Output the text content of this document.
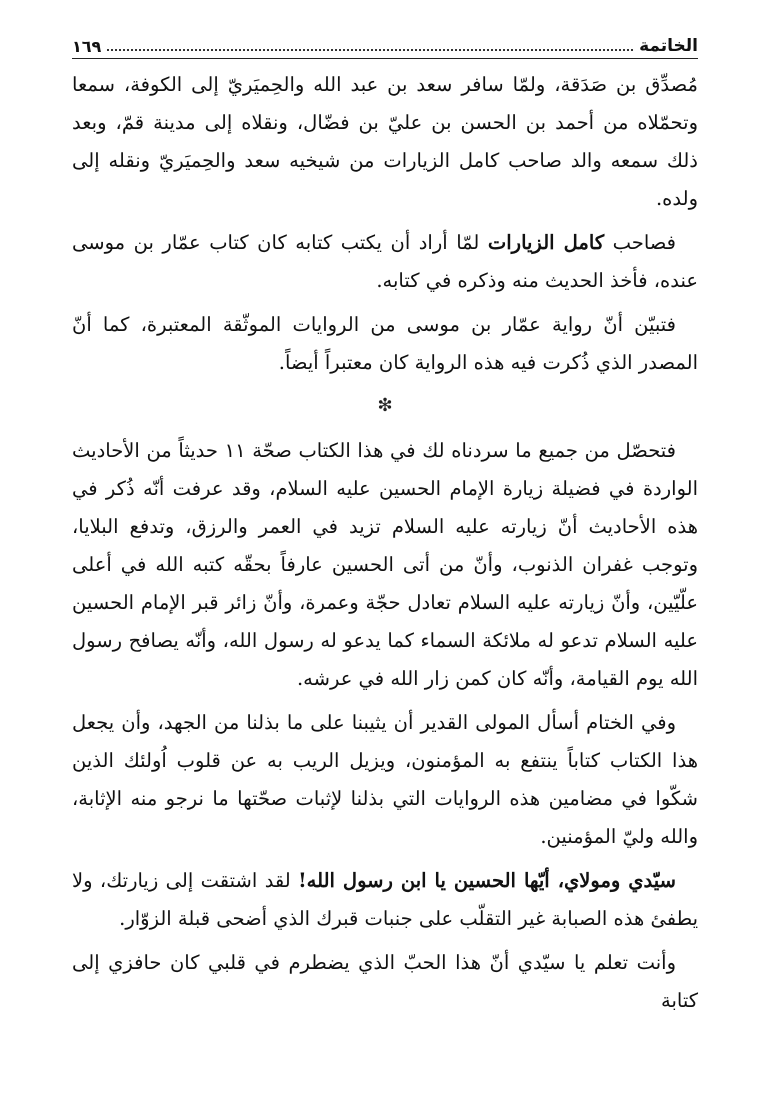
الخاتمة
١٦٩

مُصدِّق بن صَدَقة، ولمّا سافر سعد بن عبد الله والحِميَريّ إلى الكوفة، سمعا وتحمّلاه من أحمد بن الحسن بن عليّ بن فضّال، ونقلاه إلى مدينة قمّ، وبعد ذلك سمعه والد صاحب كامل الزيارات من شيخيه سعد والحِميَريّ ونقله إلى ولده.

فصاحب كامل الزيارات لمّا أراد أن يكتب كتابه كان كتاب عمّار بن موسى عنده، فأخذ الحديث منه وذكره في كتابه.

فتبيّن أنّ رواية عمّار بن موسى من الروايات الموثّقة المعتبرة، كما أنّ المصدر الذي ذُكرت فيه هذه الرواية كان معتبراً أيضاً.

❇

فتحصّل من جميع ما سردناه لك في هذا الكتاب صحّة ١١ حديثاً من الأحاديث الواردة في فضيلة زيارة الإمام الحسين عليه السلام، وقد عرفت أنّه ذُكر في هذه الأحاديث أنّ زيارته عليه السلام تزيد في العمر والرزق، وتدفع البلايا، وتوجب غفران الذنوب، وأنّ من أتى الحسين عارفاً بحقّه كتبه الله في أعلى علّيّين، وأنّ زيارته عليه السلام تعادل حجّة وعمرة، وأنّ زائر قبر الإمام الحسين عليه السلام تدعو له ملائكة السماء كما يدعو له رسول الله، وأنّه يصافح رسول الله يوم القيامة، وأنّه كان كمن زار الله في عرشه.

وفي الختام أسأل المولى القدير أن يثيبنا على ما بذلنا من الجهد، وأن يجعل هذا الكتاب كتاباً ينتفع به المؤمنون، ويزيل الريب به عن قلوب اُولئك الذين شكّوا في مضامين هذه الروايات التي بذلنا لإثبات صحّتها ما نرجو منه الإثابة، والله وليّ المؤمنين.

سيّدي ومولاي، أيّها الحسين يا ابن رسول الله! لقد اشتقت إلى زيارتك، ولا يطفئ هذه الصبابة غير التقلّب على جنبات قبرك الذي أضحى قبلة الزوّار.

وأنت تعلم يا سيّدي أنّ هذا الحبّ الذي يضطرم في قلبي كان حافزي إلى كتابة
